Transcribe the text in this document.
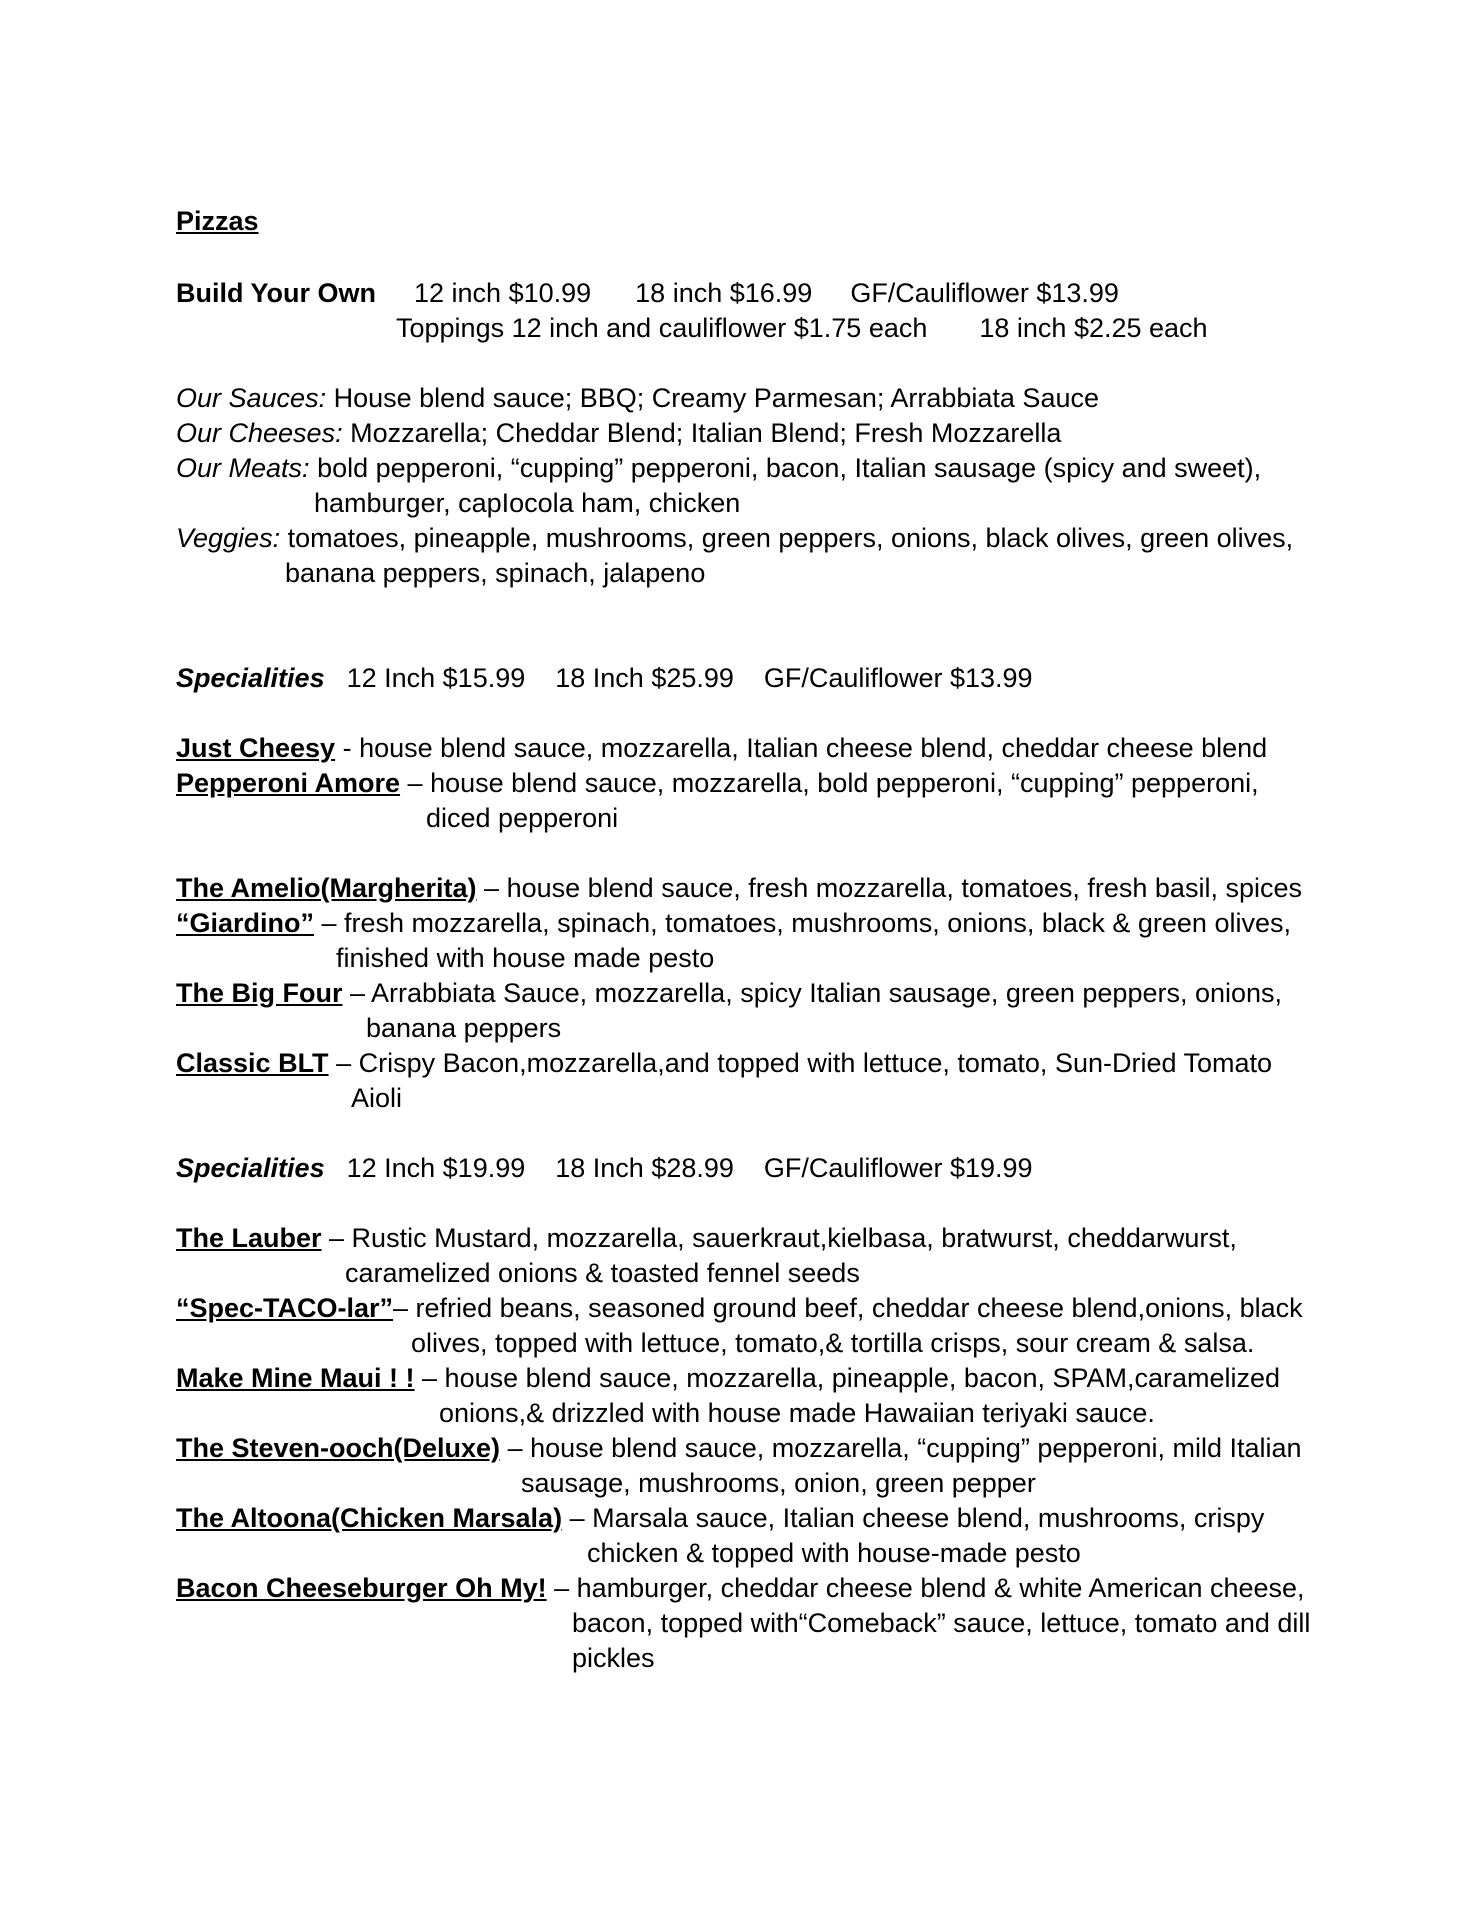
Pizzas
Build Your Own 12 inch $10.99 18 inch $16.99 GF/Cauliflower $13.99
Toppings 12 inch and cauliflower $1.75 each 18 inch $2.25 each
Our Sauces: House blend sauce; BBQ; Creamy Parmesan; Arrabbiata Sauce
Our Cheeses: Mozzarella; Cheddar Blend; Italian Blend; Fresh Mozzarella
Our Meats: bold pepperoni, “cupping” pepperoni, bacon, Italian sausage (spicy and sweet),
hamburger, capIocola ham, chicken
Veggies: tomatoes, pineapple, mushrooms, green peppers, onions, black olives, green olives,
banana peppers, spinach, jalapeno
Specialities 12 Inch $15.99 18 Inch $25.99 GF/Cauliflower $13.99
Just Cheesy - house blend sauce, mozzarella, Italian cheese blend, cheddar cheese blend
Pepperoni Amore – house blend sauce, mozzarella, bold pepperoni, “cupping” pepperoni,
diced pepperoni
The Amelio(Margherita) – house blend sauce, fresh mozzarella, tomatoes, fresh basil, spices
“Giardino” – fresh mozzarella, spinach, tomatoes, mushrooms, onions, black & green olives,
finished with house made pesto
The Big Four – Arrabbiata Sauce, mozzarella, spicy Italian sausage, green peppers, onions,
banana peppers
Classic BLT – Crispy Bacon,mozzarella,and topped with lettuce, tomato, Sun-Dried Tomato
Aioli
Specialities 12 Inch $19.99 18 Inch $28.99 GF/Cauliflower $19.99
The Lauber – Rustic Mustard, mozzarella, sauerkraut,kielbasa, bratwurst, cheddarwurst,
caramelized onions & toasted fennel seeds
“Spec-TACO-lar”– refried beans, seasoned ground beef, cheddar cheese blend,onions, black
olives, topped with lettuce, tomato,& tortilla crisps, sour cream & salsa.
Make Mine Maui ! ! – house blend sauce, mozzarella, pineapple, bacon, SPAM,caramelized
onions,& drizzled with house made Hawaiian teriyaki sauce.
The Steven-ooch(Deluxe) – house blend sauce, mozzarella, “cupping” pepperoni, mild Italian
sausage, mushrooms, onion, green pepper
The Altoona(Chicken Marsala) – Marsala sauce, Italian cheese blend, mushrooms, crispy
chicken & topped with house-made pesto
Bacon Cheeseburger Oh My! – hamburger, cheddar cheese blend & white American cheese,
bacon, topped with“Comeback” sauce, lettuce, tomato and dill
pickles
